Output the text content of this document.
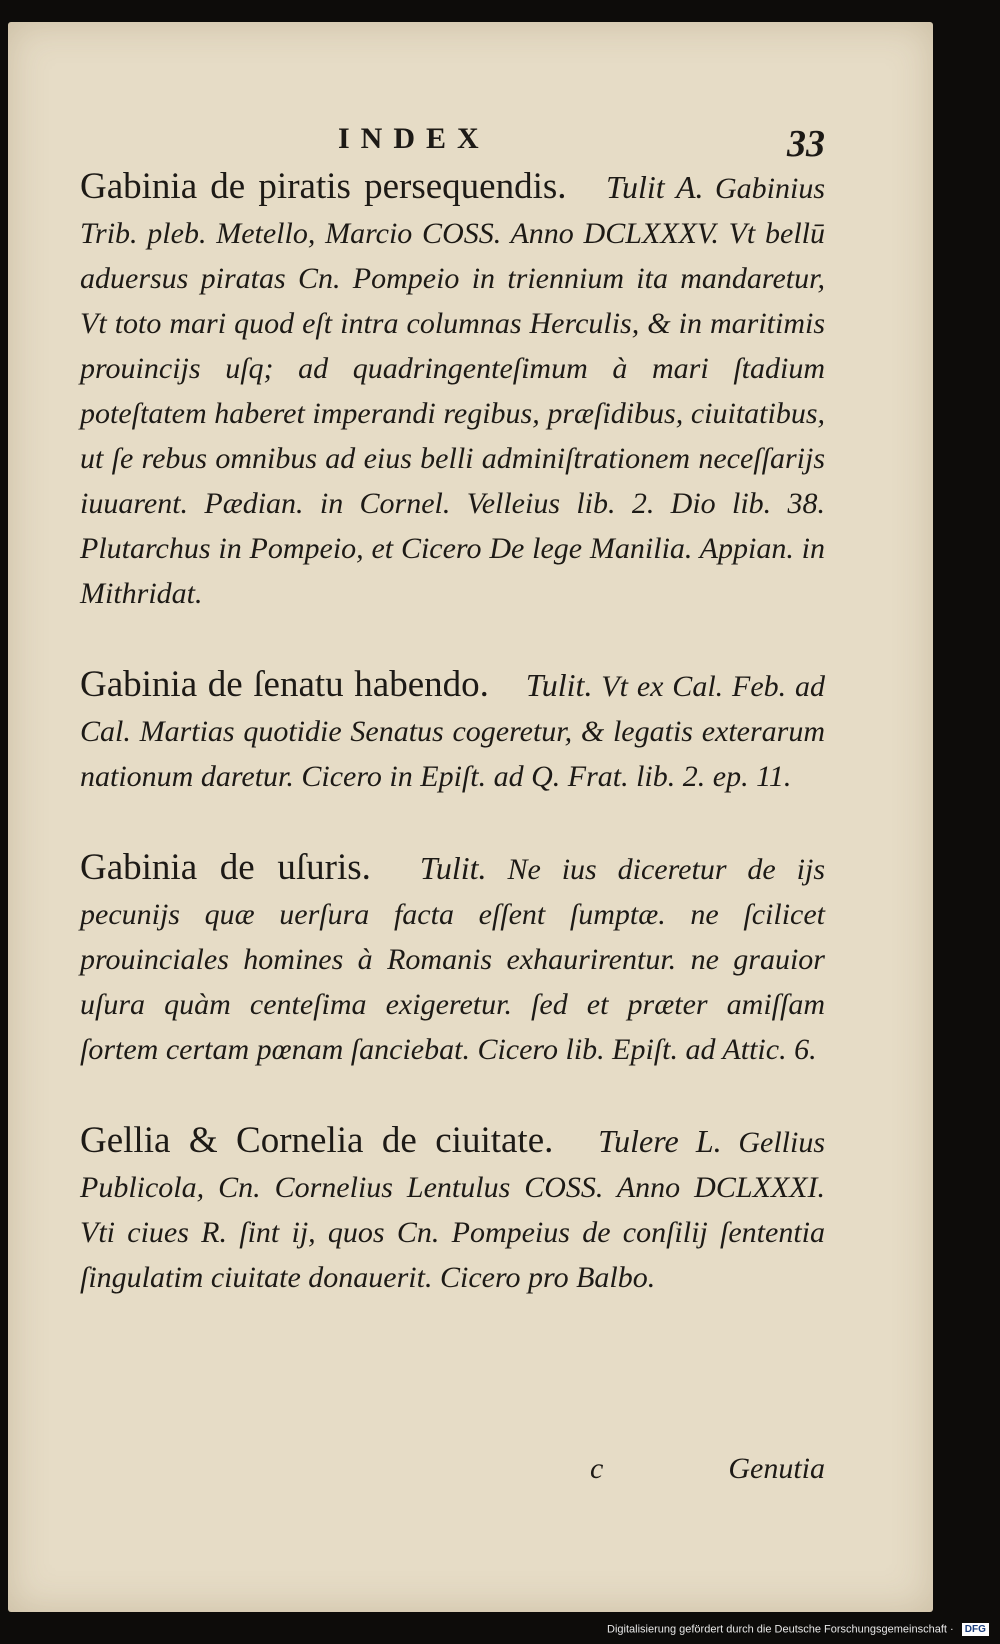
INDEX	33

Gabinia de piratis persequendis. Tulit A. Gabinius Trib. pleb. Metello, Marcio COSS. Anno DCLXXXV. Vt bellū aduersus piratas Cn. Pompeio in triennium ita mandaretur, Vt toto mari quod eſt intra columnas Herculis, & in maritimis prouincijs uſq; ad quadringenteſimum à mari ſtadium poteſtatem haberet imperandi regibus, præſidibus, ciuitatibus, ut ſe rebus omnibus ad eius belli adminiſtrationem neceſſarijs iuuarent. Pædian. in Cornel. Velleius lib. 2. Dio lib. 38. Plutarchus in Pompeio, et Cicero De lege Manilia. Appian. in Mithridat.

Gabinia de ſenatu habendo. Tulit. Vt ex Cal. Feb. ad Cal. Martias quotidie Senatus cogeretur, & legatis exterarum nationum daretur. Cicero in Epiſt. ad Q. Frat. lib. 2. ep. 11.

Gabinia de uſuris. Tulit. Ne ius diceretur de ijs pecunijs quæ uerſura facta eſſent ſumptæ. ne ſcilicet prouinciales homines à Romanis exhaurirentur. ne grauior uſura quàm centeſima exigeretur. ſed et præter amiſſam ſortem certam pœnam ſanciebat. Cicero lib. Epiſt. ad Attic. 6.

Gellia & Cornelia de ciuitate. Tulere L. Gellius Publicola, Cn. Cornelius Lentulus COSS. Anno DCLXXXI. Vti ciues R. ſint ij, quos Cn. Pompeius de conſilij ſententia ſingulatim ciuitate donauerit. Cicero pro Balbo.

c	Genutia
Digitalisierung gefördert durch die Deutsche Forschungsgemeinschaft · DFG
